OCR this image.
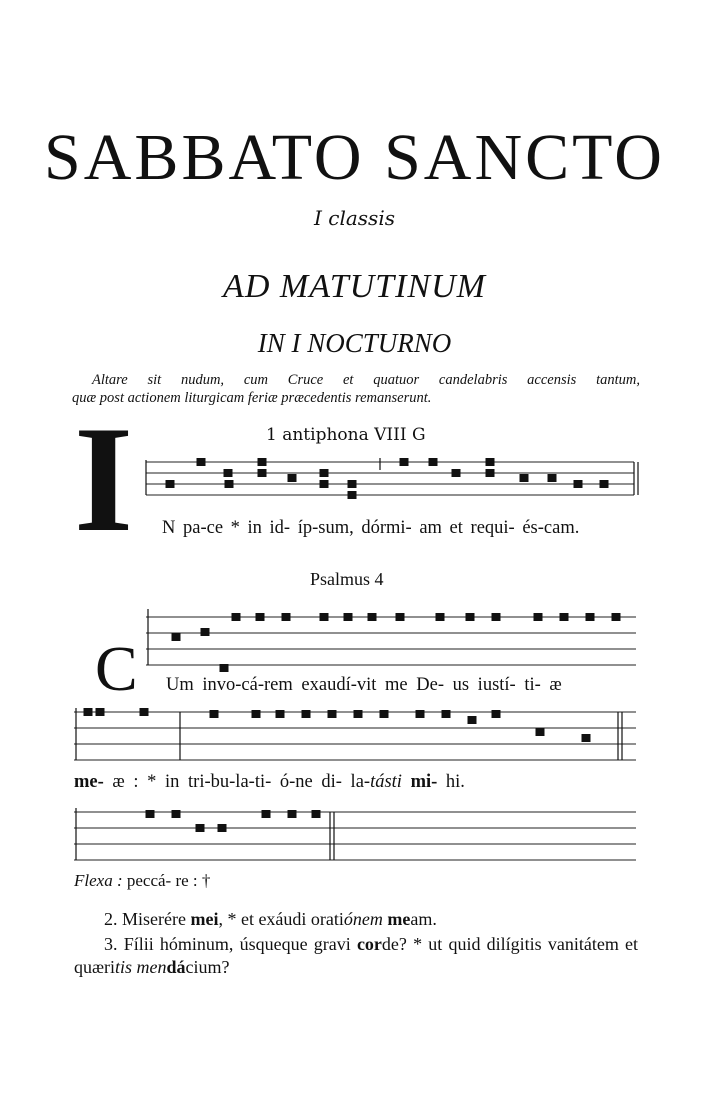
SABBATO SANCTO
I classis
AD MATUTINUM
IN I NOCTURNO

Altare sit nudum, cum Cruce et quatuor candelabris accensis tantum,

quæ post actionem liturgicam feriæ præcedentis remanserunt.

I	1 antiphona VIII G
N pa-ce * in id- íp-sum, dórmi- am et requi- és-cam.
Psalmus 4
C Um invo-cá-rem exaudí-vit me De- us iustí- ti- æ
me- æ : * in tri-bu-la-ti- ó-ne di- la-tásti mi- hi.
Flexa : peccá- re : †
2. Miserére mei, * et exáudi oratiónem meam.
3. Fílii hóminum, úsqueque gravi corde? * ut quid dilígitis vanitátem et quæritis mendácium?
